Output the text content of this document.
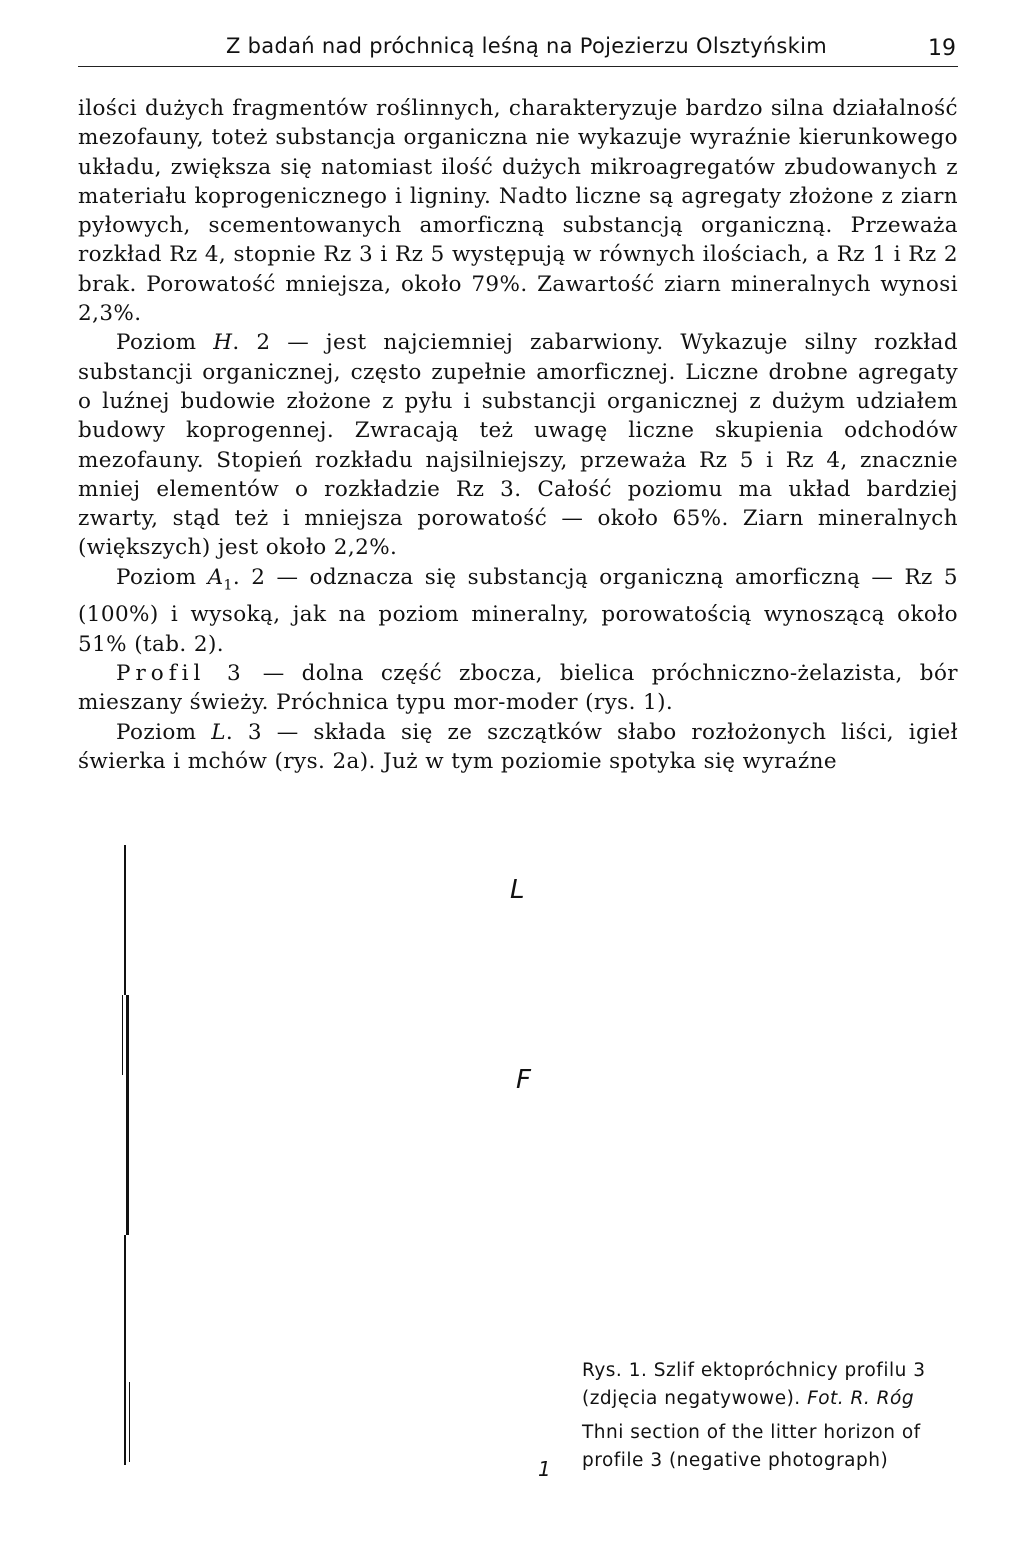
Z badań nad próchnicą leśną na Pojezierzu Olsztyńskim	19

ilości dużych fragmentów roślinnych, charakteryzuje bardzo silna działalność mezofauny, toteż substancja organiczna nie wykazuje wyraźnie kierunkowego układu, zwiększa się natomiast ilość dużych mikroagregatów zbudowanych z materiału koprogenicznego i ligniny. Nadto liczne są agregaty złożone z ziarn pyłowych, scementowanych amorficzną substancją organiczną. Przeważa rozkład Rz 4, stopnie Rz 3 i Rz 5 występują w równych ilościach, a Rz 1 i Rz 2 brak. Porowatość mniejsza, około 79%. Zawartość ziarn mineralnych wynosi 2,3%.

Poziom H. 2 — jest najciemniej zabarwiony. Wykazuje silny rozkład substancji organicznej, często zupełnie amorficznej. Liczne drobne agregaty o luźnej budowie złożone z pyłu i substancji organicznej z dużym udziałem budowy koprogennej. Zwracają też uwagę liczne skupienia odchodów mezofauny. Stopień rozkładu najsilniejszy, przeważa Rz 5 i Rz 4, znacznie mniej elementów o rozkładzie Rz 3. Całość poziomu ma układ bardziej zwarty, stąd też i mniejsza porowatość — około 65%. Ziarn mineralnych (większych) jest około 2,2%.

Poziom $A_1$. 2 — odznacza się substancją organiczną amorficzną — Rz 5 (100%) i wysoką, jak na poziom mineralny, porowatością wynoszącą około 51% (tab. 2).

Profil 3 — dolna część zbocza, bielica próchniczno-żelazista, bór mieszany świeży. Próchnica typu mor-moder (rys. 1).

Poziom L. 3 — składa się ze szczątków słabo rozłożonych liści, igieł świerka i mchów (rys. 2a). Już w tym poziomie spotyka się wyraźne

L
F
1

Rys. 1. Szlif ektopróchnicy profilu 3 (zdjęcia negatywowe). Fot. R. Róg

Thni section of the litter horizon of profile 3 (negative photograph)
